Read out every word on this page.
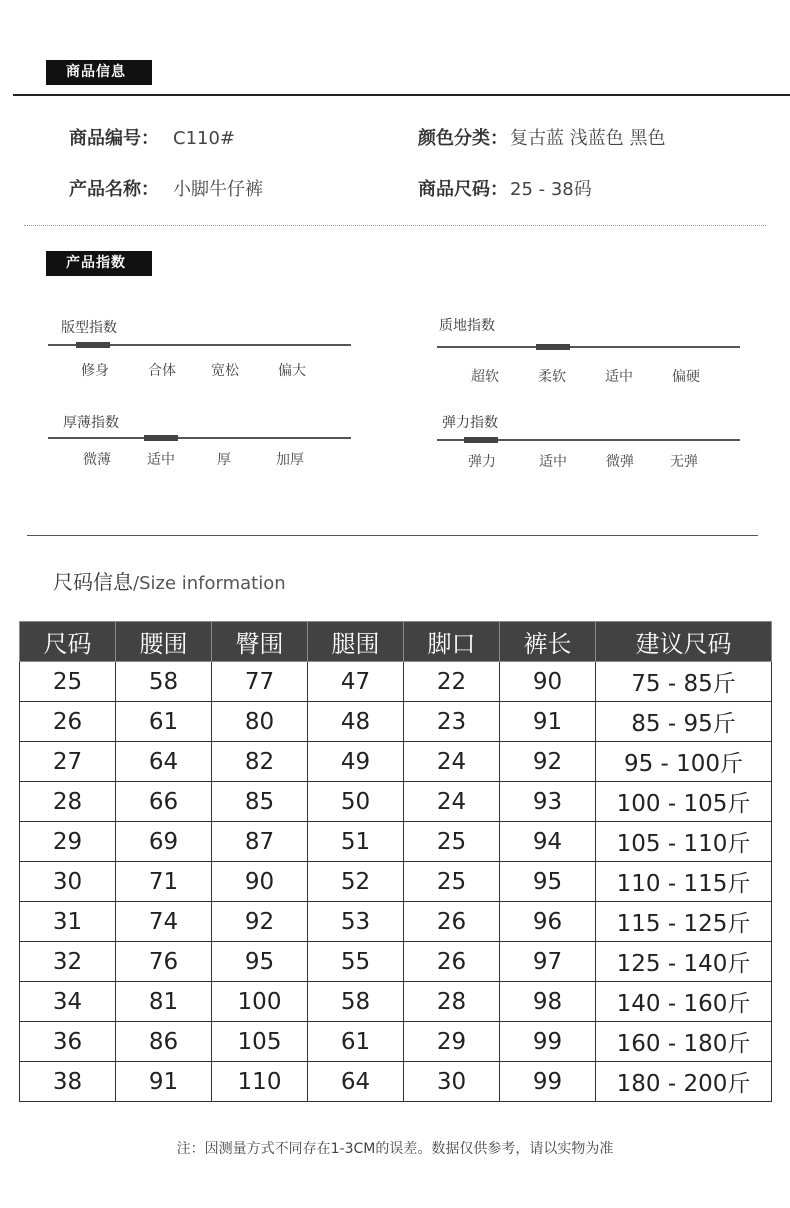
商品信息
商品编号： C110#	颜色分类： 复古蓝 浅蓝色 黑色
产品名称： 小脚牛仔裤	商品尺码： 25 - 38码
产品指数
版型指数
修身	合体	宽松	偏大
质地指数
超软	柔软	适中	偏硬
厚薄指数
微薄	适中	厚	加厚
弹力指数
弹力	适中	微弹	无弹
尺码信息/Size information
尺码	腰围	臀围	腿围	脚口	裤长	建议尺码
25	58	77	47	22	90	75 - 85斤
26	61	80	48	23	91	85 - 95斤
27	64	82	49	24	92	95 - 100斤
28	66	85	50	24	93	100 - 105斤
29	69	87	51	25	94	105 - 110斤
30	71	90	52	25	95	110 - 115斤
31	74	92	53	26	96	115 - 125斤
32	76	95	55	26	97	125 - 140斤
34	81	100	58	28	98	140 - 160斤
36	86	105	61	29	99	160 - 180斤
38	91	110	64	30	99	180 - 200斤
注：因测量方式不同存在1-3CM的误差。数据仅供参考，请以实物为准
